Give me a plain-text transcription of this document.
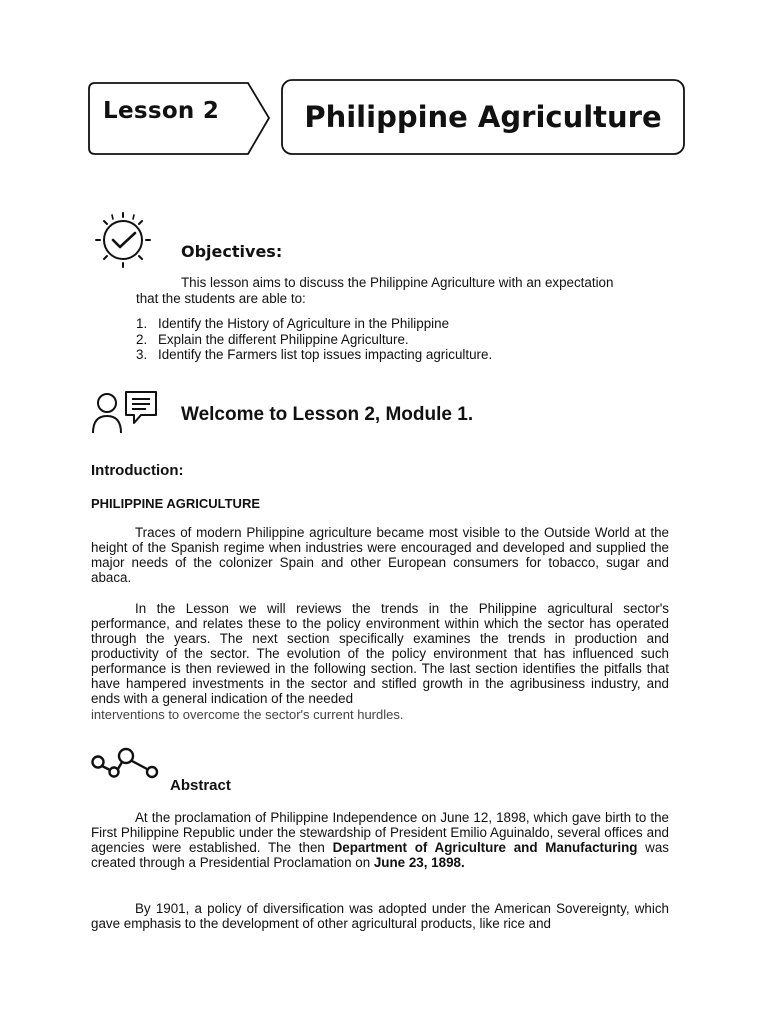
Lesson 2	Philippine Agriculture
Objectives:

This lesson aims to discuss the Philippine Agriculture with an expectation

that the students are able to:

1. Identify the History of Agriculture in the Philippine
2. Explain the different Philippine Agriculture.
3. Identify the Farmers list top issues impacting agriculture.
Welcome to Lesson 2, Module 1.
Introduction:
PHILIPPINE AGRICULTURE

Traces of modern Philippine agriculture became most visible to the Outside World at the height of the Spanish regime when industries were encouraged and developed and supplied the major needs of the colonizer Spain and other European consumers for tobacco, sugar and abaca.

In the Lesson we will reviews the trends in the Philippine agricultural sector's performance, and relates these to the policy environment within which the sector has operated through the years. The next section specifically examines the trends in production and productivity of the sector. The evolution of the policy environment that has influenced such performance is then reviewed in the following section. The last section identifies the pitfalls that have hampered investments in the sector and stifled growth in the agribusiness industry, and ends with a general indication of the needed

interventions to overcome the sector's current hurdles.

Abstract

At the proclamation of Philippine Independence on June 12, 1898, which gave birth to the First Philippine Republic under the stewardship of President Emilio Aguinaldo, several offices and agencies were established. The then Department of Agriculture and Manufacturing was created through a Presidential Proclamation on June 23, 1898.

By 1901, a policy of diversification was adopted under the American Sovereignty, which gave emphasis to the development of other agricultural products, like rice and
